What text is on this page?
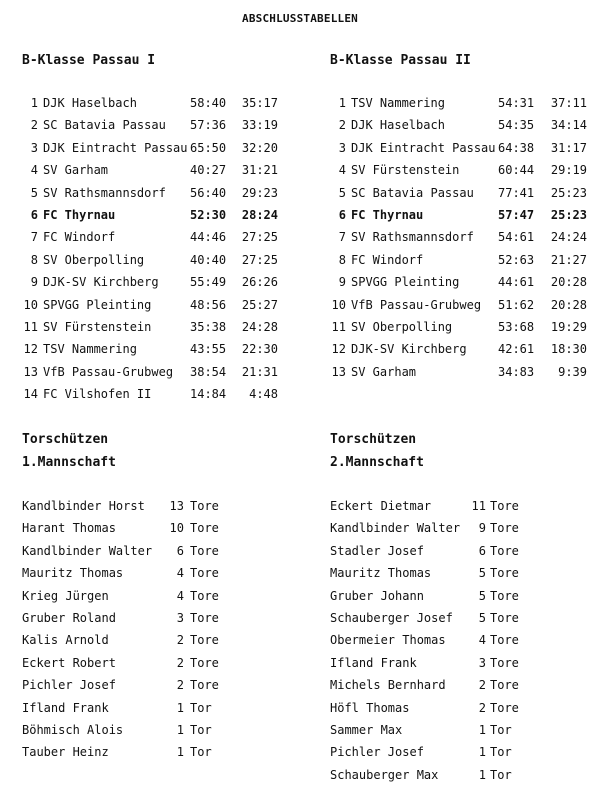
ABSCHLUSSTABELLEN
B-Klasse Passau I
1 DJK Haselbach	58:40	35:17
2 SC Batavia Passau 57:36	33:19
3 DJK Eintracht Passau 65:50	32:20
4 SV Garham	40:27	31:21
5 SV Rathsmannsdorf 56:40	29:23
6 FC Thyrnau	52:30	28:24
7 FC Windorf	44:46	27:25
8 SV Oberpolling	40:40	27:25
9 DJK-SV Kirchberg	55:49	26:26
10 SPVGG Pleinting	48:56	25:27
11 SV Fürstenstein	35:38	24:28
12 TSV Nammering	43:55	22:30
13 VfB Passau-Grubweg 38:54	21:31
14 FC Vilshofen II	14:84	4:48
Torschützen
1.Mannschaft
Kandlbinder Horst	13 Tore
Harant Thomas	10 Tore
Kandlbinder Walter	6 Tore
Mauritz Thomas	4 Tore
Krieg Jürgen	4 Tore
Gruber Roland	3 Tore
Kalis Arnold	2 Tore
Eckert Robert	2 Tore
Pichler Josef	2 Tore
Ifland Frank	1 Tor
Böhmisch Alois	1 Tor
Tauber Heinz	1 Tor
B-Klasse Passau II
1 TSV Nammering	54:31	37:11
2 DJK Haselbach	54:35	34:14
3 DJK Eintracht Passau 64:38	31:17
4 SV Fürstenstein	60:44	29:19
5 SC Batavia Passau 77:41	25:23
6 FC Thyrnau	57:47	25:23
7 SV Rathsmannsdorf 54:61	24:24
8 FC Windorf	52:63	21:27
9 SPVGG Pleinting	44:61	20:28
10 VfB Passau-Grubweg 51:62	20:28
11 SV Oberpolling	53:68	19:29
12 DJK-SV Kirchberg	42:61	18:30
13 SV Garham	34:83	9:39
Torschützen
2.Mannschaft
Eckert Dietmar	11 Tore
Kandlbinder Walter	9 Tore
Stadler Josef	6 Tore
Mauritz Thomas	5 Tore
Gruber Johann	5 Tore
Schauberger Josef	5 Tore
Obermeier Thomas	4 Tore
Ifland Frank	3 Tore
Michels Bernhard	2 Tore
Höfl Thomas	2 Tore
Sammer Max	1 Tor
Pichler Josef	1 Tor
Schauberger Max	1 Tor
